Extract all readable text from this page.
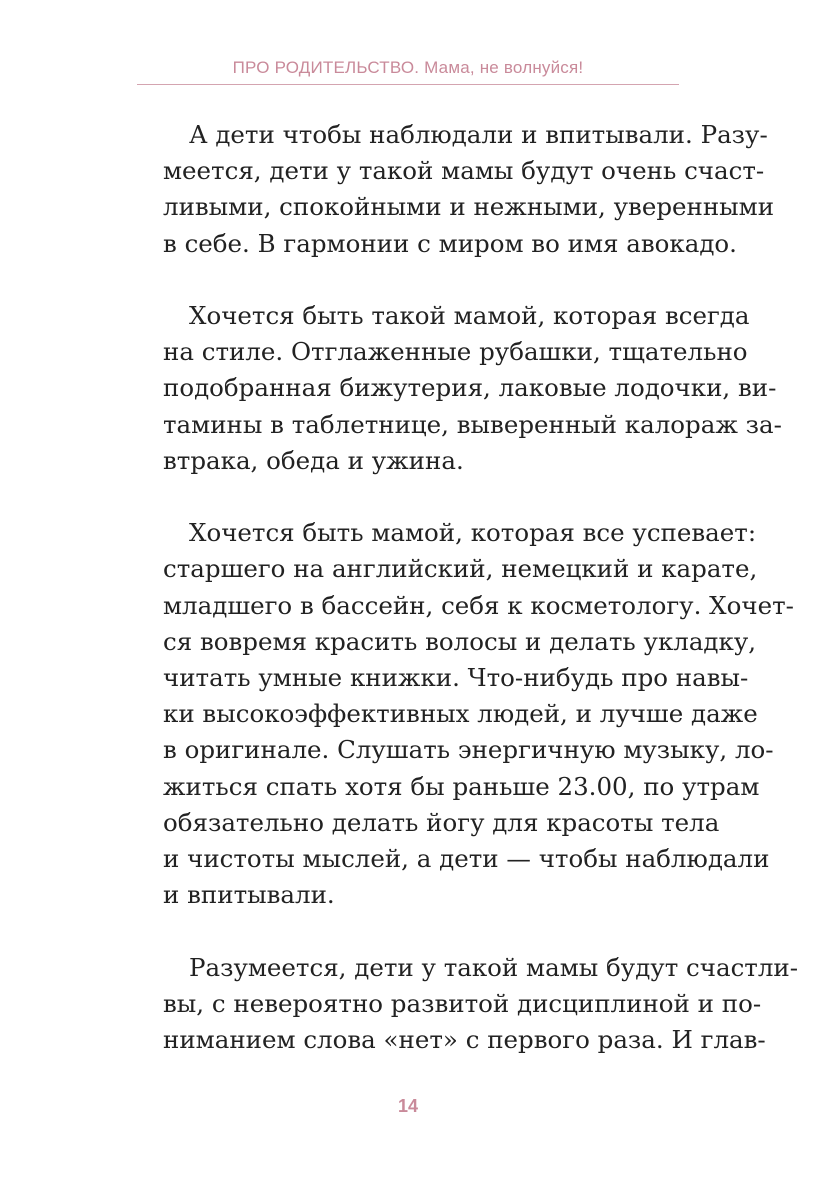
ПРО РОДИТЕЛЬСТВО. Мама, не волнуйся!

А дети чтобы наблюдали и впитывали. Разу-
меется, дети у такой мамы будут очень счаст-
ливыми, спокойными и нежными, уверенными
в себе. В гармонии с миром во имя авокадо.

Хочется быть такой мамой, которая всегда
на стиле. Отглаженные рубашки, тщательно
подобранная бижутерия, лаковые лодочки, ви-
тамины в таблетнице, выверенный калораж за-
втрака, обеда и ужина.

Хочется быть мамой, которая все успевает:
старшего на английский, немецкий и карате,
младшего в бассейн, себя к косметологу. Хочет-
ся вовремя красить волосы и делать укладку,
читать умные книжки. Что-нибудь про навы-
ки высокоэффективных людей, и лучше даже
в оригинале. Слушать энергичную музыку, ло-
житься спать хотя бы раньше 23.00, по утрам
обязательно делать йогу для красоты тела
и чистоты мыслей, а дети — чтобы наблюдали
и впитывали.

Разумеется, дети у такой мамы будут счастли-
вы, с невероятно развитой дисциплиной и по-
ниманием слова «нет» с первого раза. И глав-

14
